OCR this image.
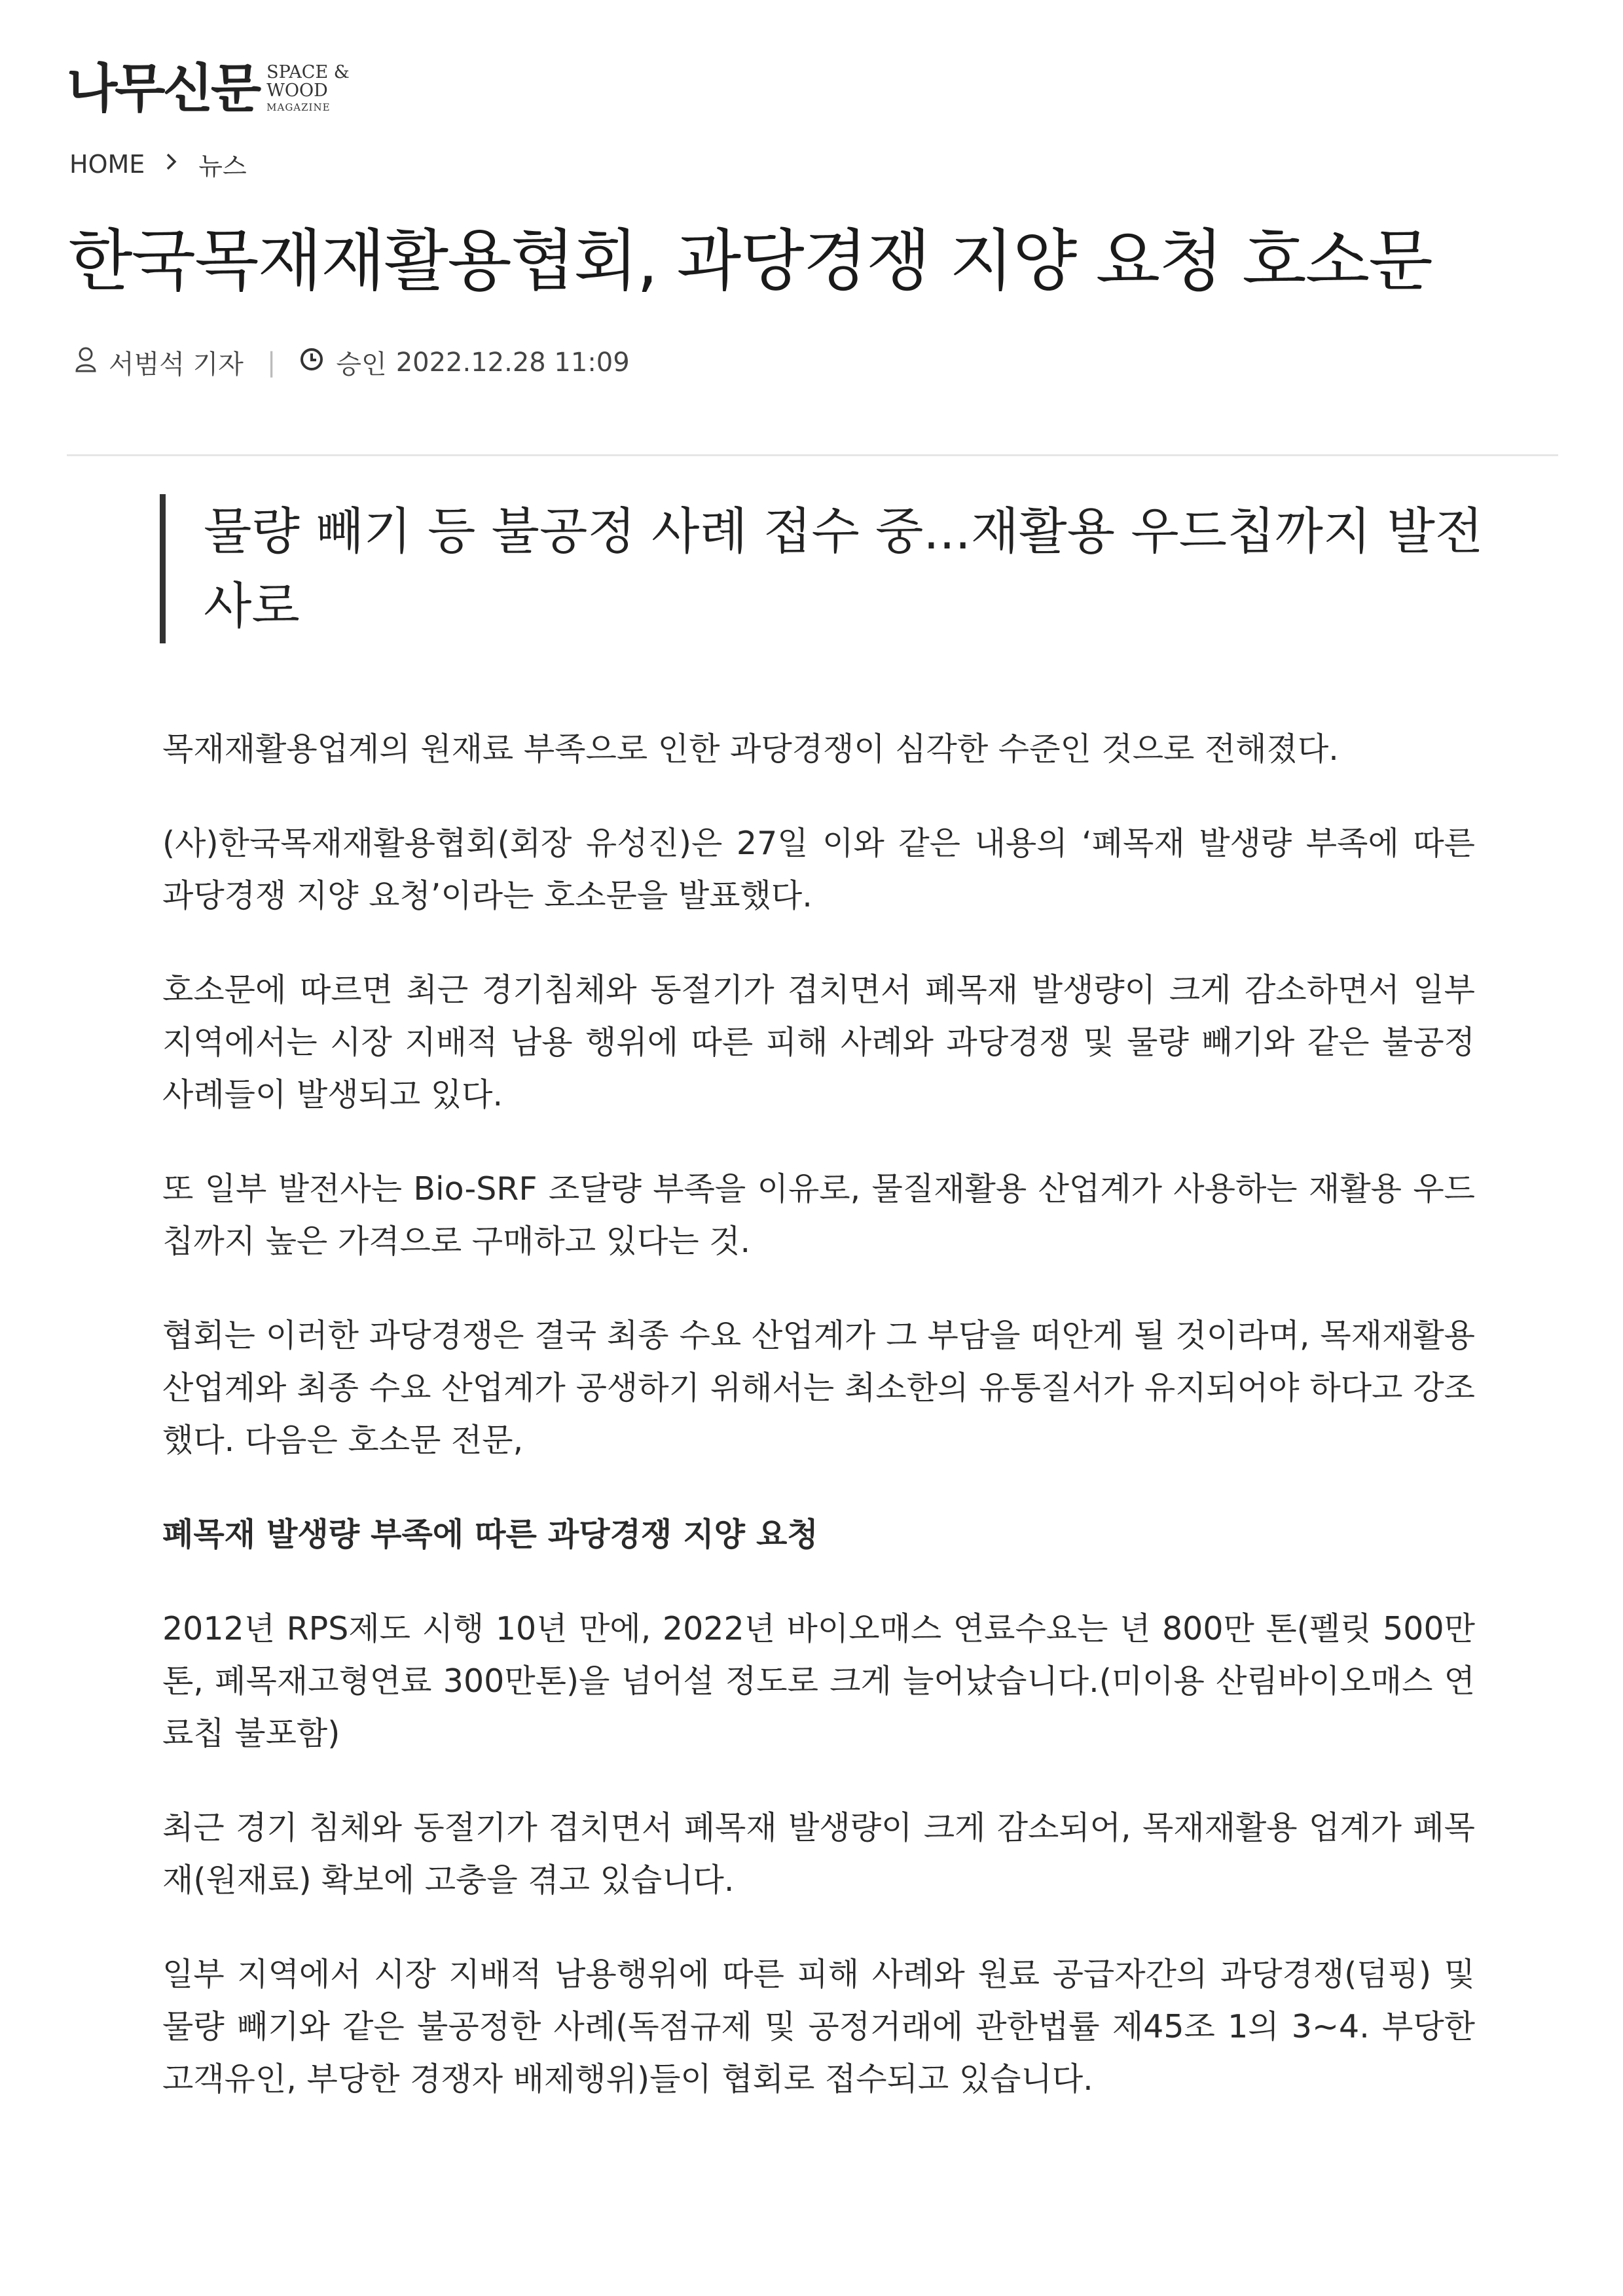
나무신문 SPACE &
WOOD
MAGAZINE
HOME 뉴스
한국목재재활용협회, 과당경쟁 지양 요청 호소문
서범석 기자 | 승인 2022.12.28 11:09
물량 빼기 등 불공정 사례 접수 중...재활용 우드칩까지 발전사로

목재재활용업계의 원재료 부족으로 인한 과당경쟁이 심각한 수준인 것으로 전해졌다.

(사)한국목재재활용협회(회장 유성진)은 27일 이와 같은 내용의 ‘폐목재 발생량 부족에 따른 과당경쟁 지양 요청’이라는 호소문을 발표했다.

호소문에 따르면 최근 경기침체와 동절기가 겹치면서 폐목재 발생량이 크게 감소하면서 일부 지역에서는 시장 지배적 남용 행위에 따른 피해 사례와 과당경쟁 및 물량 빼기와 같은 불공정 사례들이 발생되고 있다.

또 일부 발전사는 Bio-SRF 조달량 부족을 이유로, 물질재활용 산업계가 사용하는 재활용 우드칩까지 높은 가격으로 구매하고 있다는 것.

협회는 이러한 과당경쟁은 결국 최종 수요 산업계가 그 부담을 떠안게 될 것이라며, 목재재활용 산업계와 최종 수요 산업계가 공생하기 위해서는 최소한의 유통질서가 유지되어야 하다고 강조했다. 다음은 호소문 전문,

폐목재 발생량 부족에 따른 과당경쟁 지양 요청

2012년 RPS제도 시행 10년 만에, 2022년 바이오매스 연료수요는 년 800만 톤(펠릿 500만톤, 폐목재고형연료 300만톤)을 넘어설 정도로 크게 늘어났습니다.(미이용 산림바이오매스 연료칩 불포함)

최근 경기 침체와 동절기가 겹치면서 폐목재 발생량이 크게 감소되어, 목재재활용 업계가 폐목재(원재료) 확보에 고충을 겪고 있습니다.

일부 지역에서 시장 지배적 남용행위에 따른 피해 사례와 원료 공급자간의 과당경쟁(덤핑) 및 물량 빼기와 같은 불공정한 사례(독점규제 및 공정거래에 관한법률 제45조 1의 3~4. 부당한 고객유인, 부당한 경쟁자 배제행위)들이 협회로 접수되고 있습니다.
